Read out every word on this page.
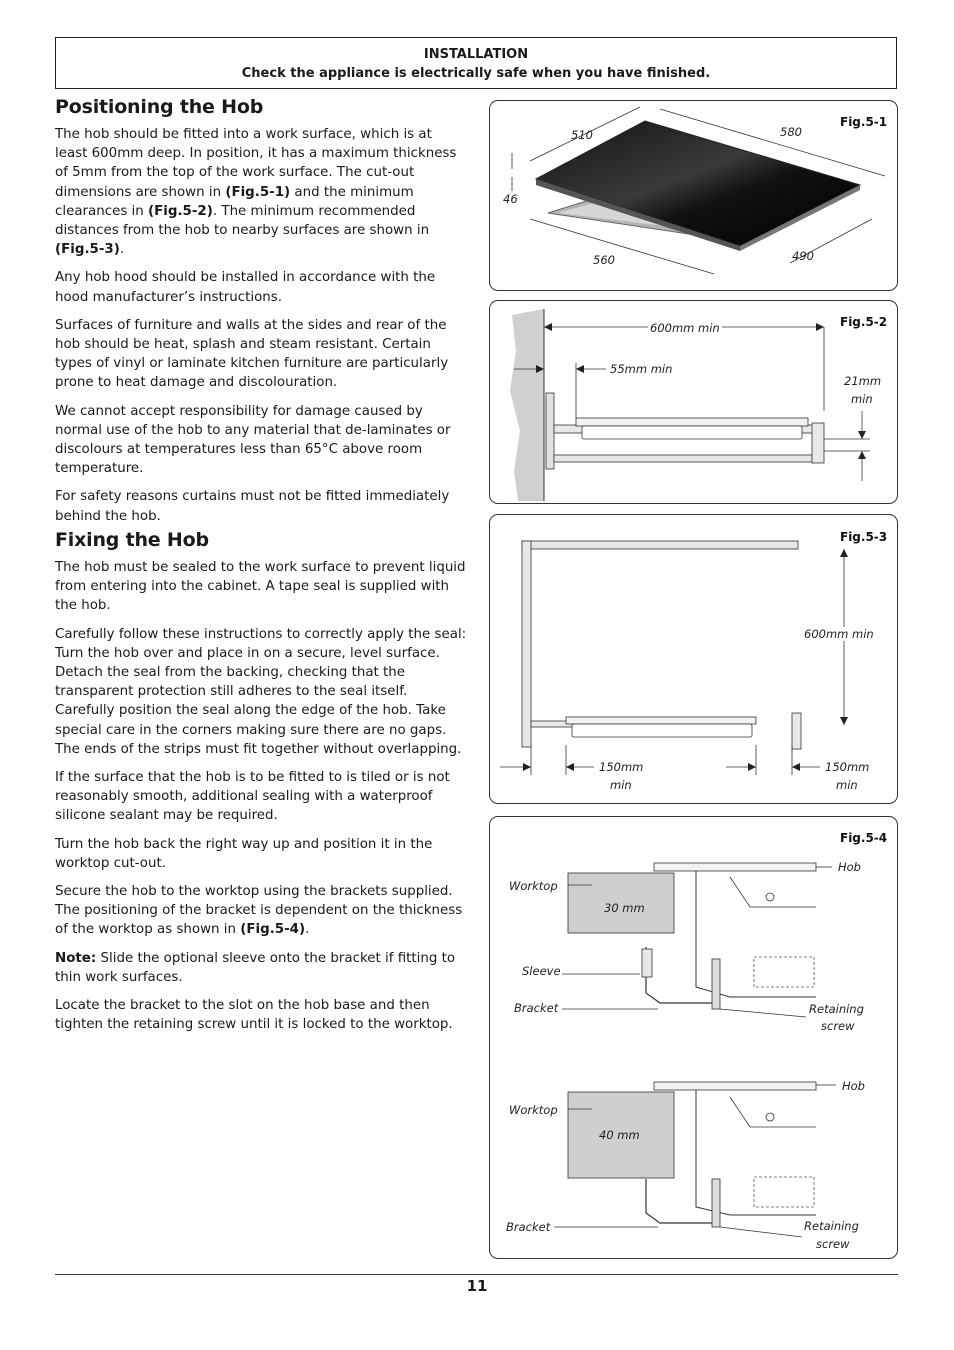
INSTALLATION
Check the appliance is electrically safe when you have finished.
Positioning the Hob

The hob should be fitted into a work surface, which is at least 600mm deep. In position, it has a maximum thickness of 5mm from the top of the work surface. The cut-out dimensions are shown in (Fig.5-1) and the minimum clearances in (Fig.5-2). The minimum recommended distances from the hob to nearby surfaces are shown in (Fig.5-3).

Any hob hood should be installed in accordance with the hood manufacturer’s instructions.

Surfaces of furniture and walls at the sides and rear of the hob should be heat, splash and steam resistant. Certain types of vinyl or laminate kitchen furniture are particularly prone to heat damage and discolouration.

We cannot accept responsibility for damage caused by normal use of the hob to any material that de-laminates or discolours at temperatures less than 65°C above room temperature.

For safety reasons curtains must not be fitted immediately behind the hob.

Fixing the Hob

The hob must be sealed to the work surface to prevent liquid from entering into the cabinet. A tape seal is supplied with the hob.

Carefully follow these instructions to correctly apply the seal: Turn the hob over and place in on a secure, level surface. Detach the seal from the backing, checking that the transparent protection still adheres to the seal itself. Carefully position the seal along the edge of the hob. Take special care in the corners making sure there are no gaps. The ends of the strips must fit together without overlapping.

If the surface that the hob is to be fitted to is tiled or is not reasonably smooth, additional sealing with a waterproof silicone sealant may be required.

Turn the hob back the right way up and position it in the worktop cut-out.

Secure the hob to the worktop using the brackets supplied. The positioning of the bracket is dependent on the thickness of the worktop as shown in (Fig.5-4).

Note: Slide the optional sleeve onto the bracket if fitting to thin work surfaces.

Locate the bracket to the slot on the hob base and then tighten the retaining screw until it is locked to the worktop.

Fig.5-1
510	580
46
560	490
Fig.5-2
600mm min
55mm min
21mm
min
Fig.5-3
600mm min
150mm
min
150mm
min
Fig.5-4
Hob
Worktop
30 mm
Sleeve
Bracket	Retaining
screw
Hob
Worktop
40 mm
Bracket	Retaining
screw
11
